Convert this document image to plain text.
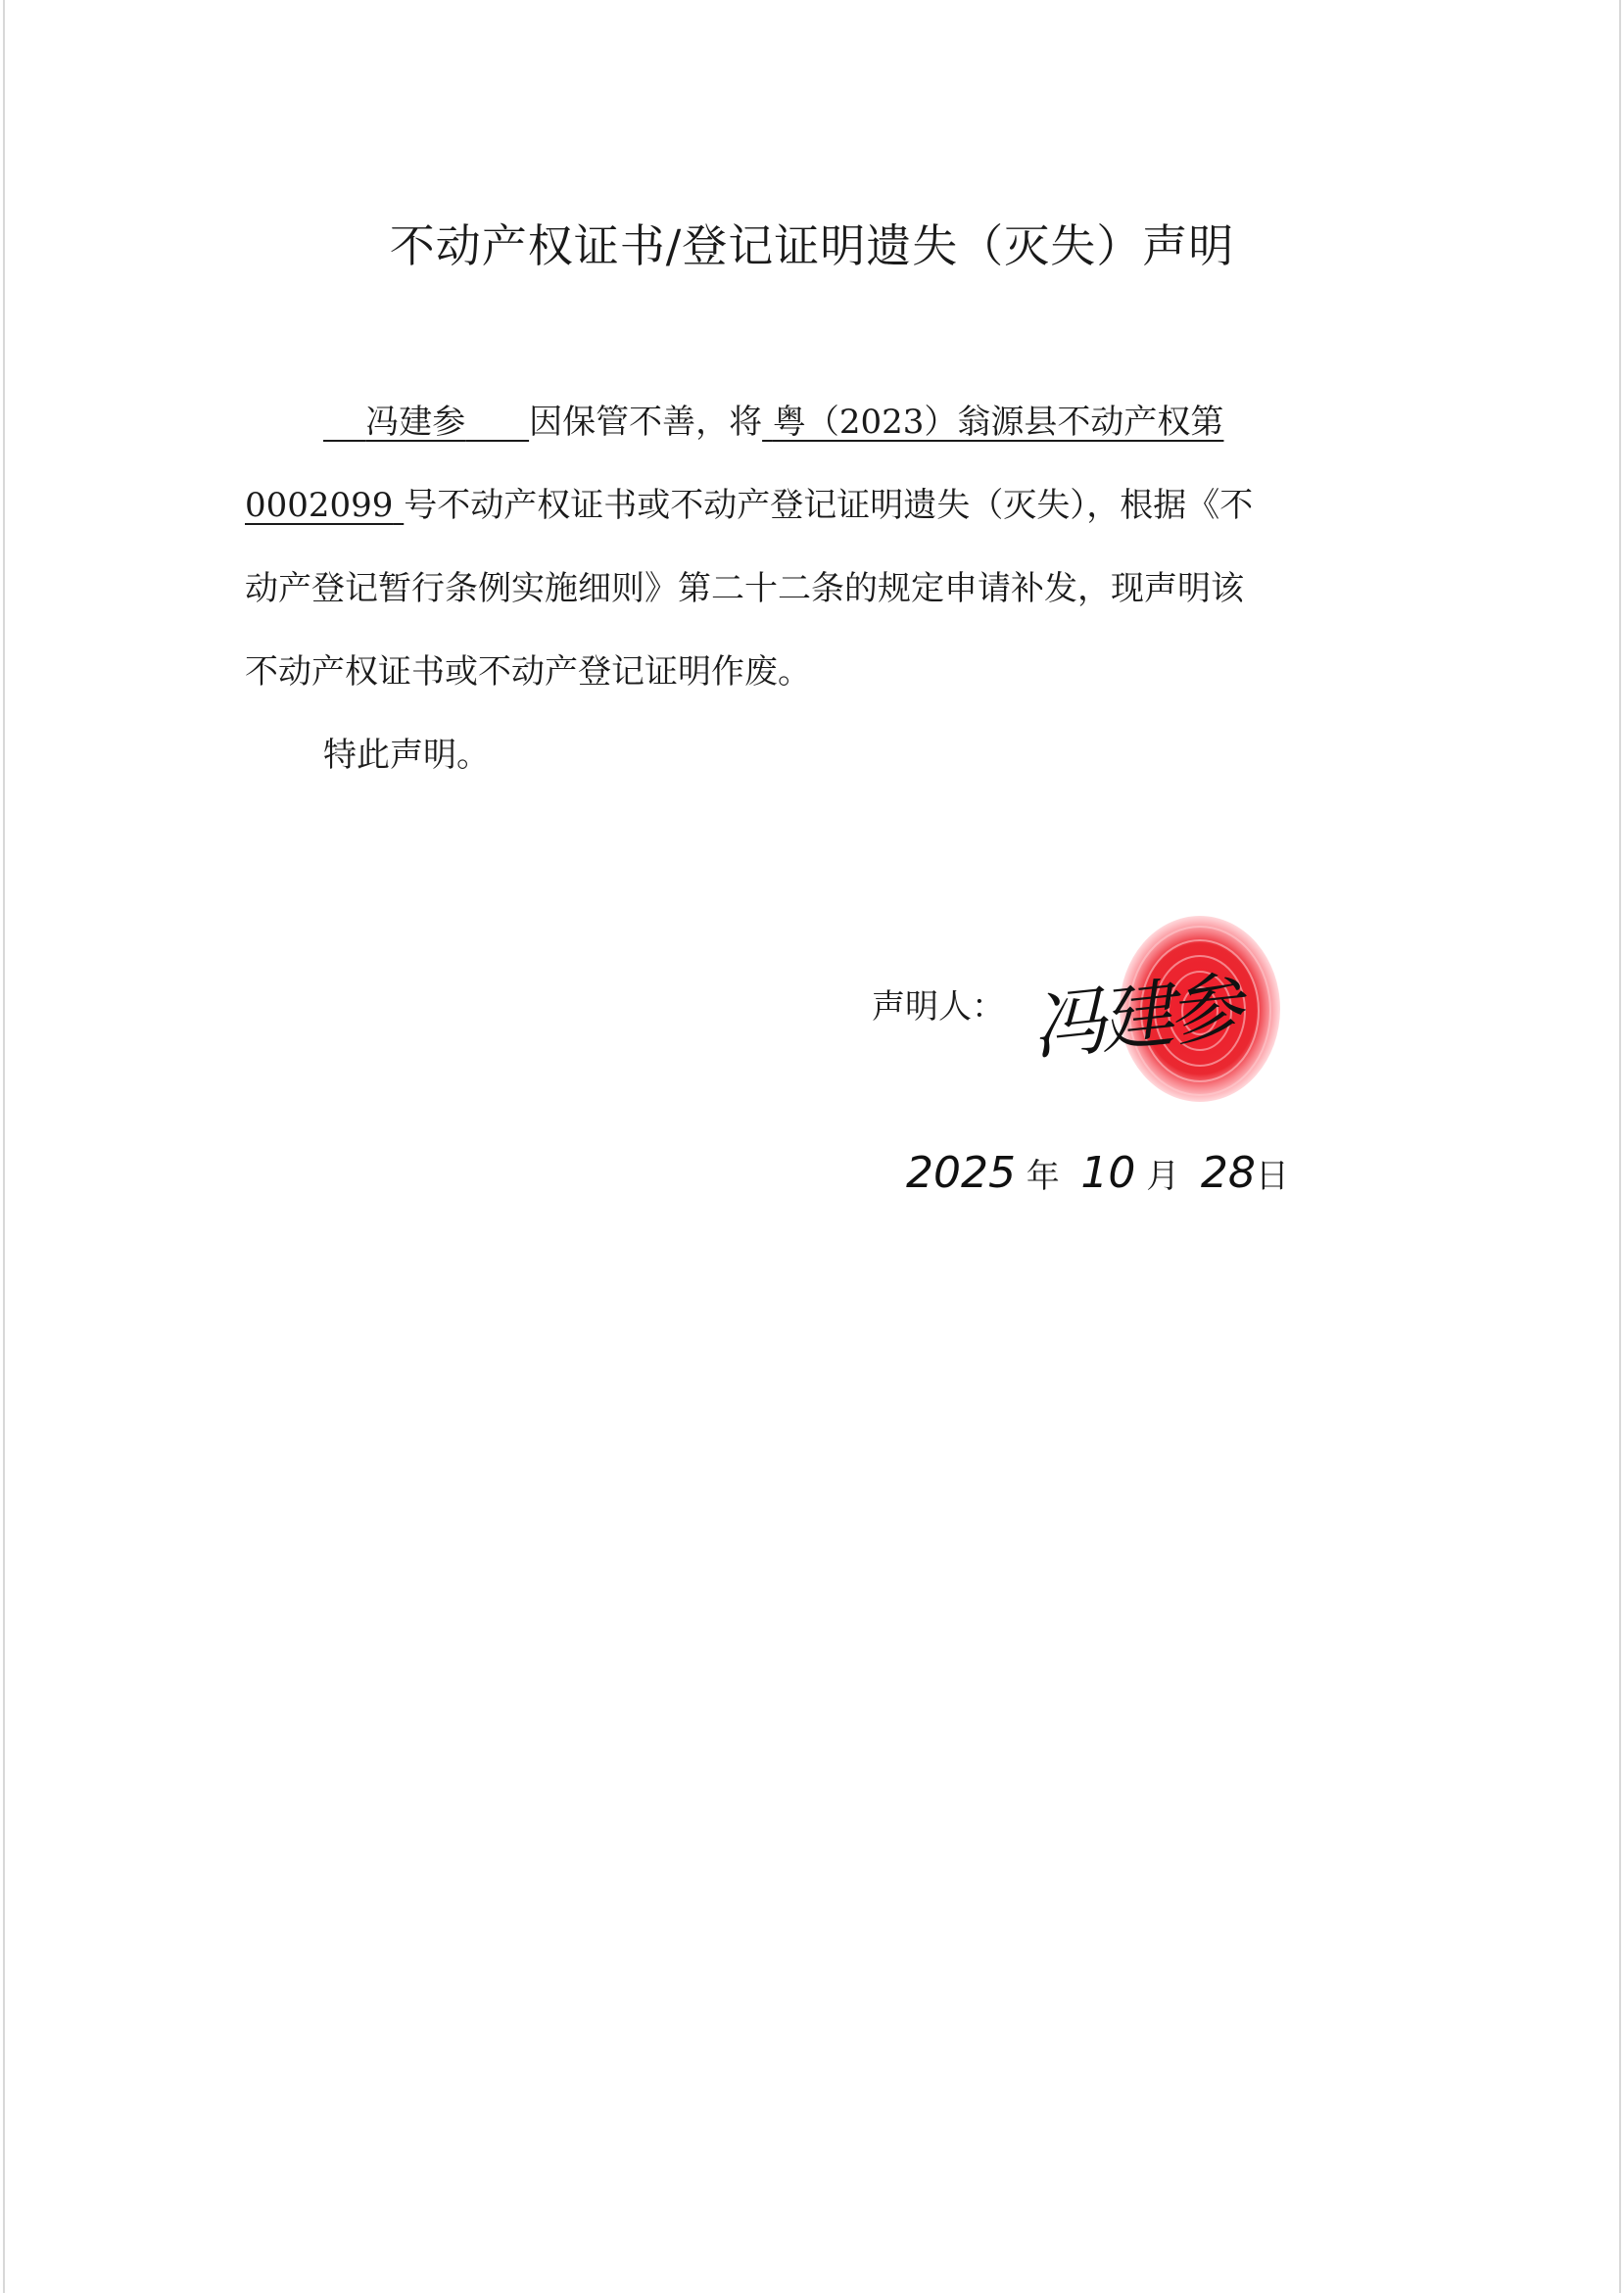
不动产权证书/登记证明遗失（灭失）声明
冯建参 因保管不善，将 粤（2023）翁源县不动产权第
0002099 号不动产权证书或不动产登记证明遗失（灭失），根据《不
动产登记暂行条例实施细则》第二十二条的规定申请补发，现声明该
不动产权证书或不动产登记证明作废。
特此声明。
声明人： 冯建参
2025 年 10 月 28日
